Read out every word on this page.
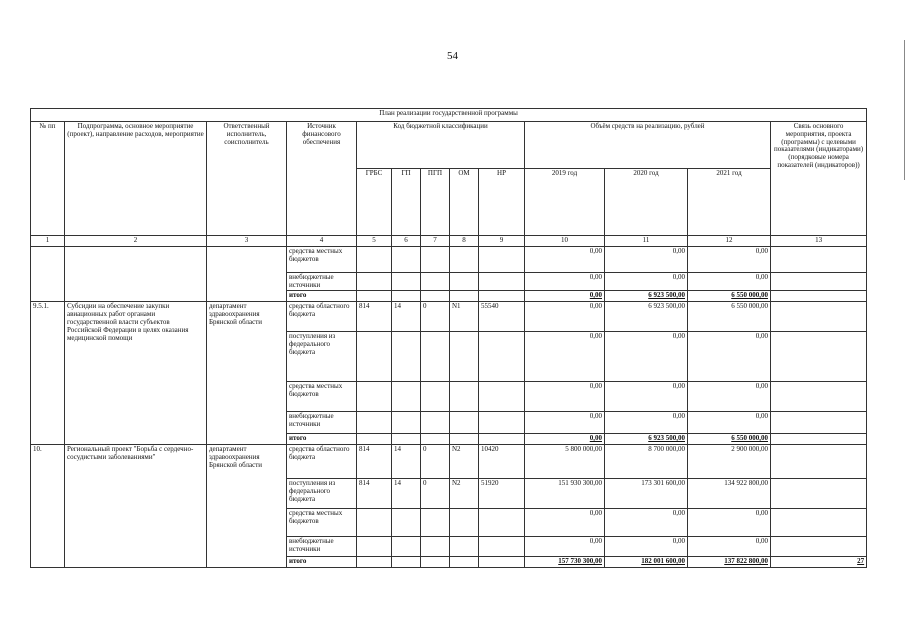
54
План реализации государственной программы												
№ пп	Подпрограмма, основное мероприятие (проект), направление расходов, мероприятие	Ответственный исполнитель, соисполнитель	Источник финансового обеспечения	Код бюджетной классификации					Объём средств на реализацию, рублей			Связь основного мероприятия, проекта (программы) с целевыми показателями (индикаторами) (порядковые номера показателей (индикаторов))
				ГРБС	ГП	ПГП	ОМ	НР	2019 год	2020 год	2021 год	
1	2	3	4	5	6	7	8	9	10	11	12	13
			средства местных бюджетов						0,00	0,00	0,00	
			внебюджетные источники						0,00	0,00	0,00	
			итого						0,00	6 923 500,00	6 550 000,00	
9.5.1.	Субсидии на обеспечение закупки авиационных работ органами государственной власти субъектов Российской Федерации в целях оказания медицинской помощи	департамент здравоохранения Брянской области	средства областного бюджета	814	14	0	N1	55540	0,00	6 923 500,00	6 550 000,00	
			поступления из федерального бюджета						0,00	0,00	0,00	
			средства местных бюджетов						0,00	0,00	0,00	
			внебюджетные источники						0,00	0,00	0,00	
			итого						0,00	6 923 500,00	6 550 000,00	
10.	Региональный проект "Борьба с сердечно-сосудистыми заболеваниями"	департамент здравоохранения Брянской области	средства областного бюджета	814	14	0	N2	10420	5 800 000,00	8 700 000,00	2 900 000,00	
			поступления из федерального бюджета	814	14	0	N2	51920	151 930 300,00	173 301 600,00	134 922 800,00	
			средства местных бюджетов						0,00	0,00	0,00	
			внебюджетные источники						0,00	0,00	0,00	
			итого						157 730 300,00	182 001 600,00	137 822 800,00	27
